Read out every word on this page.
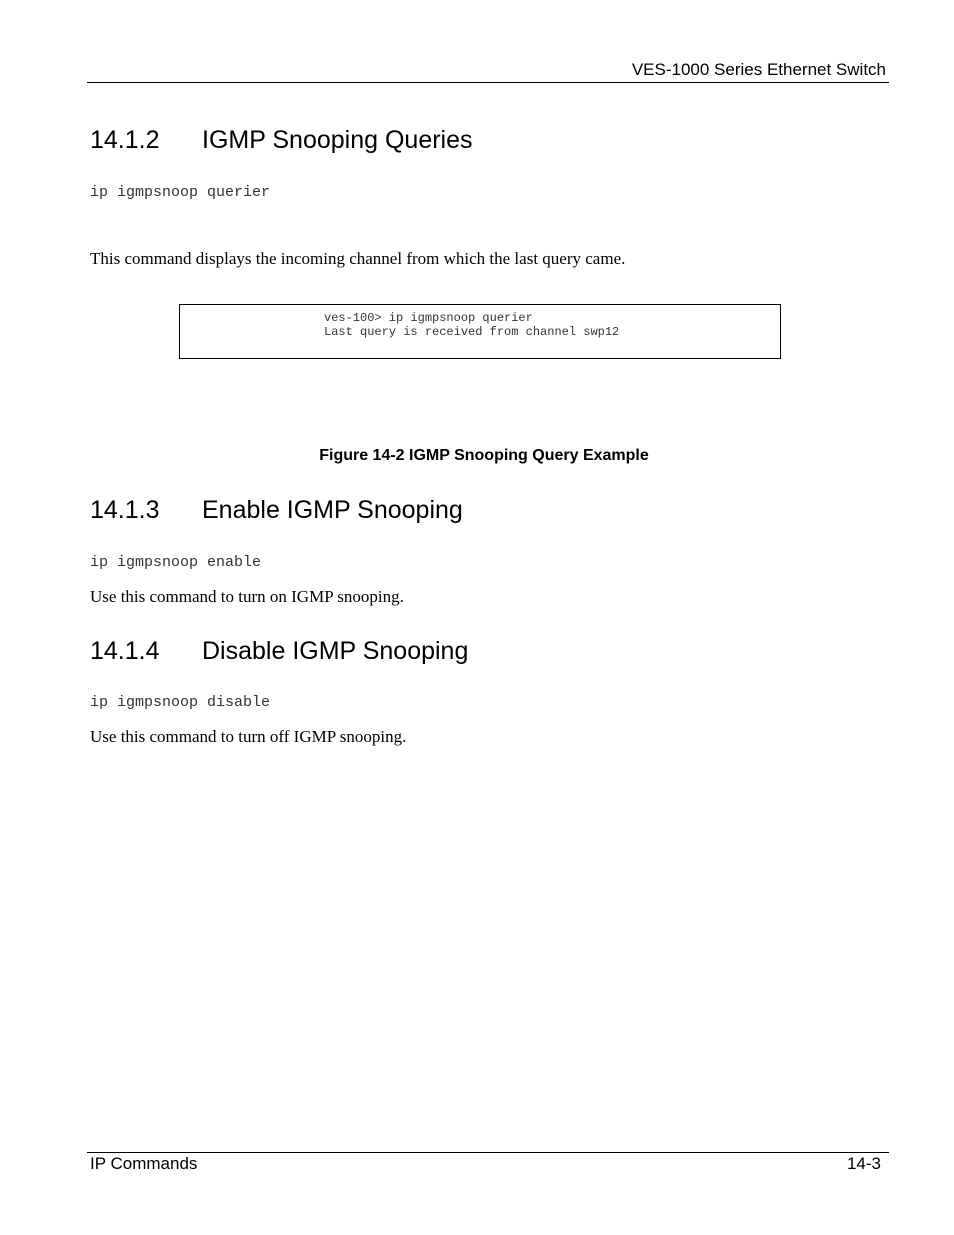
VES-1000 Series Ethernet Switch
14.1.2 IGMP Snooping Queries
ip igmpsnoop querier
This command displays the incoming channel from which the last query came.
ves-100> ip igmpsnoop querier
Last query is received from channel swp12
Figure 14-2 IGMP Snooping Query Example
14.1.3 Enable IGMP Snooping
ip igmpsnoop enable
Use this command to turn on IGMP snooping.
14.1.4 Disable IGMP Snooping
ip igmpsnoop disable
Use this command to turn off IGMP snooping.
IP Commands	14-3
